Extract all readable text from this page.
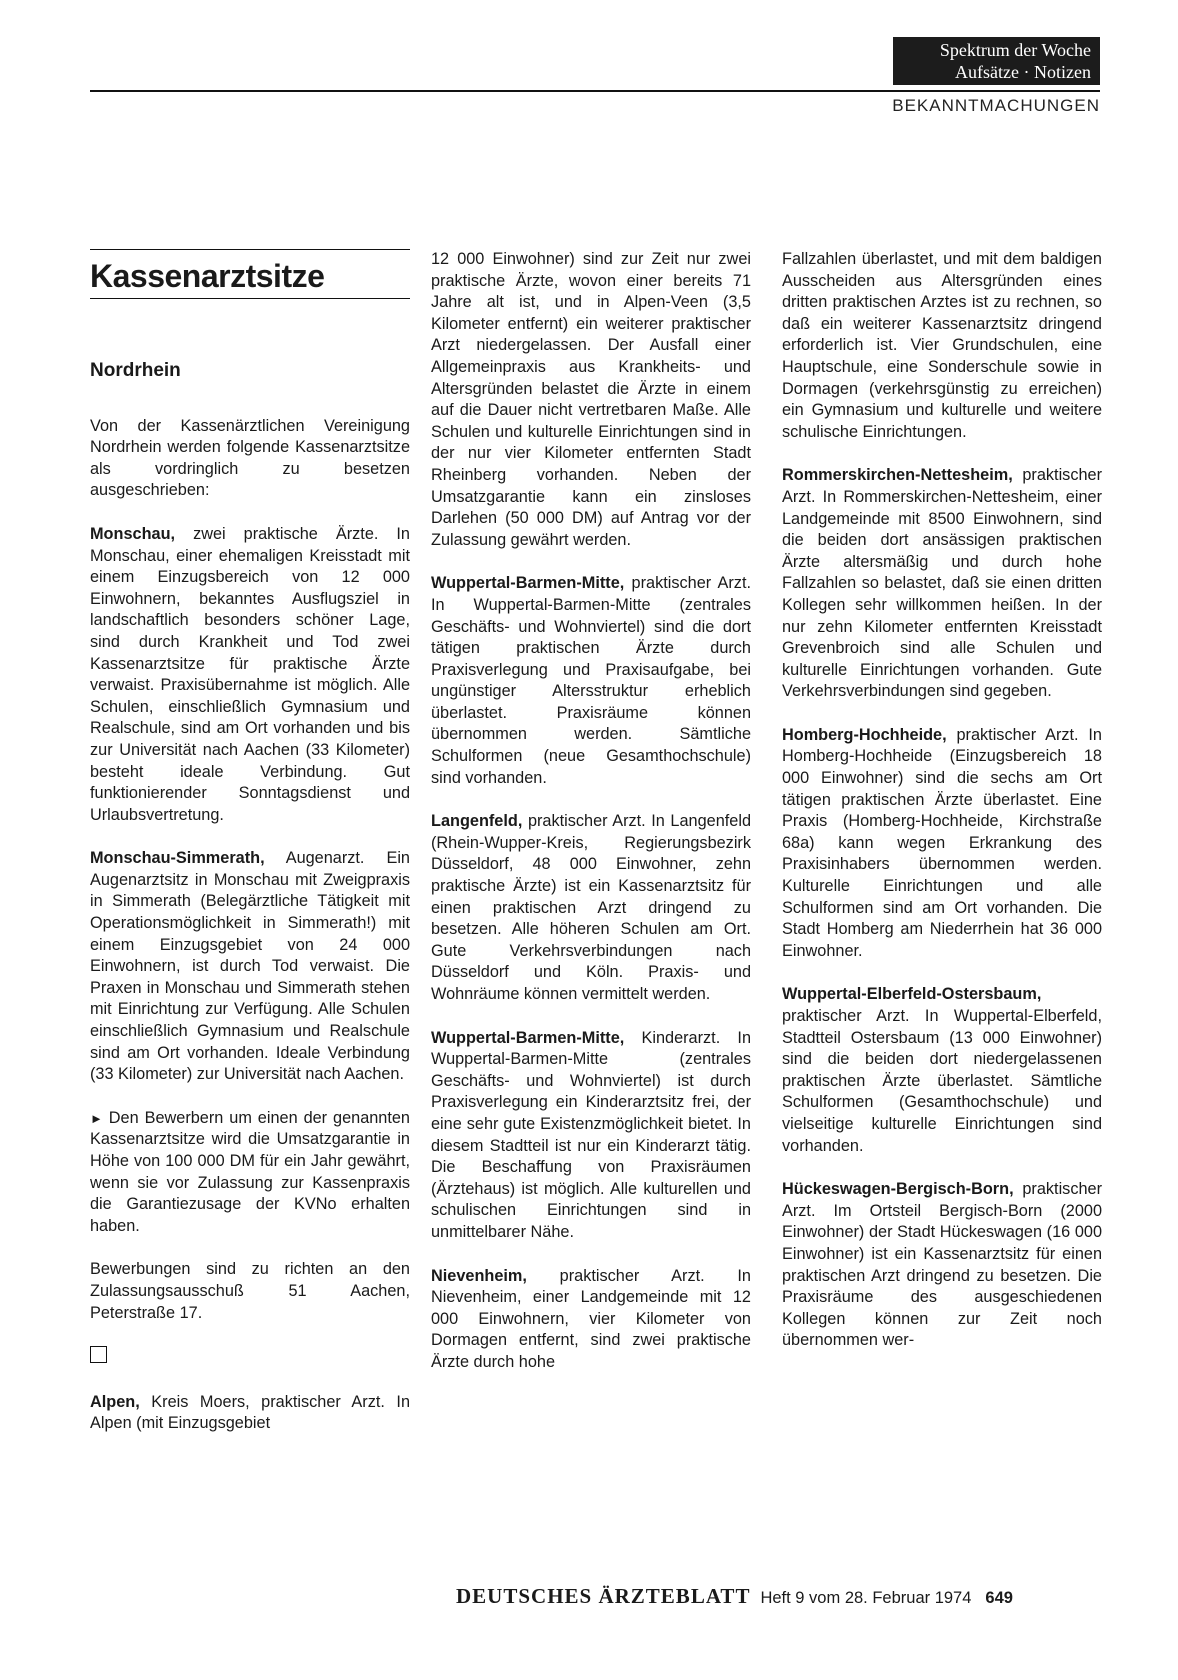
Spektrum der Woche
Aufsätze · Notizen
BEKANNTMACHUNGEN
Kassenarztsitze

Nordrhein

Von der Kassenärztlichen Vereinigung Nordrhein werden folgende Kassenarztsitze als vordringlich zu besetzen ausgeschrieben:

Monschau, zwei praktische Ärzte. In Monschau, einer ehemaligen Kreisstadt mit einem Einzugsbereich von 12 000 Einwohnern, bekanntes Ausflugsziel in landschaftlich besonders schöner Lage, sind durch Krankheit und Tod zwei Kassenarztsitze für praktische Ärzte verwaist. Praxisübernahme ist möglich. Alle Schulen, einschließlich Gymnasium und Realschule, sind am Ort vorhanden und bis zur Universität nach Aachen (33 Kilometer) besteht ideale Verbindung. Gut funktionierender Sonntagsdienst und Urlaubsvertretung.

Monschau-Simmerath, Augenarzt. Ein Augenarztsitz in Monschau mit Zweigpraxis in Simmerath (Belegärztliche Tätigkeit mit Operationsmöglichkeit in Simmerath!) mit einem Einzugsgebiet von 24 000 Einwohnern, ist durch Tod verwaist. Die Praxen in Monschau und Simmerath stehen mit Einrichtung zur Verfügung. Alle Schulen einschließlich Gymnasium und Realschule sind am Ort vorhanden. Ideale Verbindung (33 Kilometer) zur Universität nach Aachen.

► Den Bewerbern um einen der genannten Kassenarztsitze wird die Umsatzgarantie in Höhe von 100 000 DM für ein Jahr gewährt, wenn sie vor Zulassung zur Kassenpraxis die Garantiezusage der KVNo erhalten haben.

Bewerbungen sind zu richten an den Zulassungsausschuß 51 Aachen, Peterstraße 17.

Alpen, Kreis Moers, praktischer Arzt. In Alpen (mit Einzugsgebiet

12 000 Einwohner) sind zur Zeit nur zwei praktische Ärzte, wovon einer bereits 71 Jahre alt ist, und in Alpen-Veen (3,5 Kilometer entfernt) ein weiterer praktischer Arzt niedergelassen. Der Ausfall einer Allgemeinpraxis aus Krankheits- und Altersgründen belastet die Ärzte in einem auf die Dauer nicht vertretbaren Maße. Alle Schulen und kulturelle Einrichtungen sind in der nur vier Kilometer entfernten Stadt Rheinberg vorhanden. Neben der Umsatzgarantie kann ein zinsloses Darlehen (50 000 DM) auf Antrag vor der Zulassung gewährt werden.

Wuppertal-Barmen-Mitte, praktischer Arzt. In Wuppertal-Barmen-Mitte (zentrales Geschäfts- und Wohnviertel) sind die dort tätigen praktischen Ärzte durch Praxisverlegung und Praxisaufgabe, bei ungünstiger Altersstruktur erheblich überlastet. Praxisräume können übernommen werden. Sämtliche Schulformen (neue Gesamthochschule) sind vorhanden.

Langenfeld, praktischer Arzt. In Langenfeld (Rhein-Wupper-Kreis, Regierungsbezirk Düsseldorf, 48 000 Einwohner, zehn praktische Ärzte) ist ein Kassenarztsitz für einen praktischen Arzt dringend zu besetzen. Alle höheren Schulen am Ort. Gute Verkehrsverbindungen nach Düsseldorf und Köln. Praxis- und Wohnräume können vermittelt werden.

Wuppertal-Barmen-Mitte, Kinderarzt. In Wuppertal-Barmen-Mitte (zentrales Geschäfts- und Wohnviertel) ist durch Praxisverlegung ein Kinderarztsitz frei, der eine sehr gute Existenzmöglichkeit bietet. In diesem Stadtteil ist nur ein Kinderarzt tätig. Die Beschaffung von Praxisräumen (Ärztehaus) ist möglich. Alle kulturellen und schulischen Einrichtungen sind in unmittelbarer Nähe.

Nievenheim, praktischer Arzt. In Nievenheim, einer Landgemeinde mit 12 000 Einwohnern, vier Kilometer von Dormagen entfernt, sind zwei praktische Ärzte durch hohe

Fallzahlen überlastet, und mit dem baldigen Ausscheiden aus Altersgründen eines dritten praktischen Arztes ist zu rechnen, so daß ein weiterer Kassenarztsitz dringend erforderlich ist. Vier Grundschulen, eine Hauptschule, eine Sonderschule sowie in Dormagen (verkehrsgünstig zu erreichen) ein Gymnasium und kulturelle und weitere schulische Einrichtungen.

Rommerskirchen-Nettesheim, praktischer Arzt. In Rommerskirchen-Nettesheim, einer Landgemeinde mit 8500 Einwohnern, sind die beiden dort ansässigen praktischen Ärzte altersmäßig und durch hohe Fallzahlen so belastet, daß sie einen dritten Kollegen sehr willkommen heißen. In der nur zehn Kilometer entfernten Kreisstadt Grevenbroich sind alle Schulen und kulturelle Einrichtungen vorhanden. Gute Verkehrsverbindungen sind gegeben.

Homberg-Hochheide, praktischer Arzt. In Homberg-Hochheide (Einzugsbereich 18 000 Einwohner) sind die sechs am Ort tätigen praktischen Ärzte überlastet. Eine Praxis (Homberg-Hochheide, Kirchstraße 68a) kann wegen Erkrankung des Praxisinhabers übernommen werden. Kulturelle Einrichtungen und alle Schulformen sind am Ort vorhanden. Die Stadt Homberg am Niederrhein hat 36 000 Einwohner.

Wuppertal-Elberfeld-Ostersbaum, praktischer Arzt. In Wuppertal-Elberfeld, Stadtteil Ostersbaum (13 000 Einwohner) sind die beiden dort niedergelassenen praktischen Ärzte überlastet. Sämtliche Schulformen (Gesamthochschule) und vielseitige kulturelle Einrichtungen sind vorhanden.

Hückeswagen-Bergisch-Born, praktischer Arzt. Im Ortsteil Bergisch-Born (2000 Einwohner) der Stadt Hückeswagen (16 000 Einwohner) ist ein Kassenarztsitz für einen praktischen Arzt dringend zu besetzen. Die Praxisräume des ausgeschiedenen Kollegen können zur Zeit noch übernommen wer-

DEUTSCHES ÄRZTEBLATT Heft 9 vom 28. Februar 1974 649
